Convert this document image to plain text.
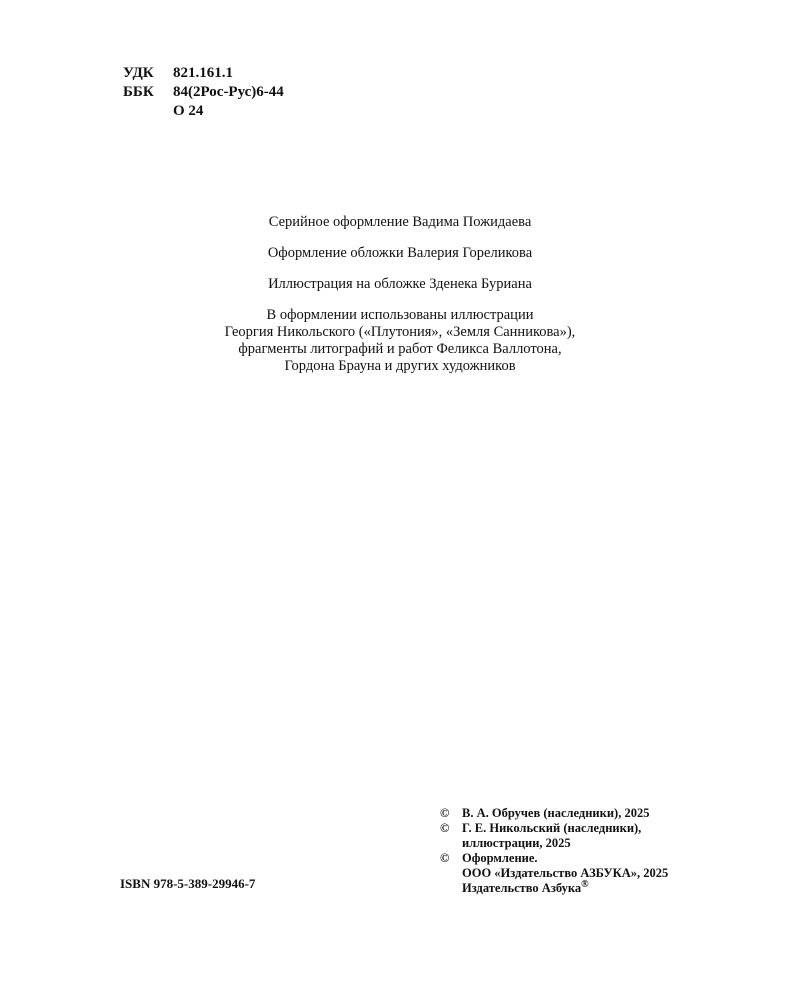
УДК	821.161.1
ББК	84(2Рос-Рус)6-44
О 24

Серийное оформление Вадима Пожидаева

Оформление обложки Валерия Гореликова

Иллюстрация на обложке Зденека Буриана

В оформлении использованы иллюстрации
Георгия Никольского («Плутония», «Земля Санникова»),
фрагменты литографий и работ Феликса Валлотона,
Гордона Брауна и других художников
ISBN 978-5-389-29946-7
©	В. А. Обручев (наследники), 2025
©	Г. Е. Никольский (наследники),
иллюстрации, 2025
©	Оформление.
ООО «Издательство АЗБУКА», 2025
Издательство Азбука®
